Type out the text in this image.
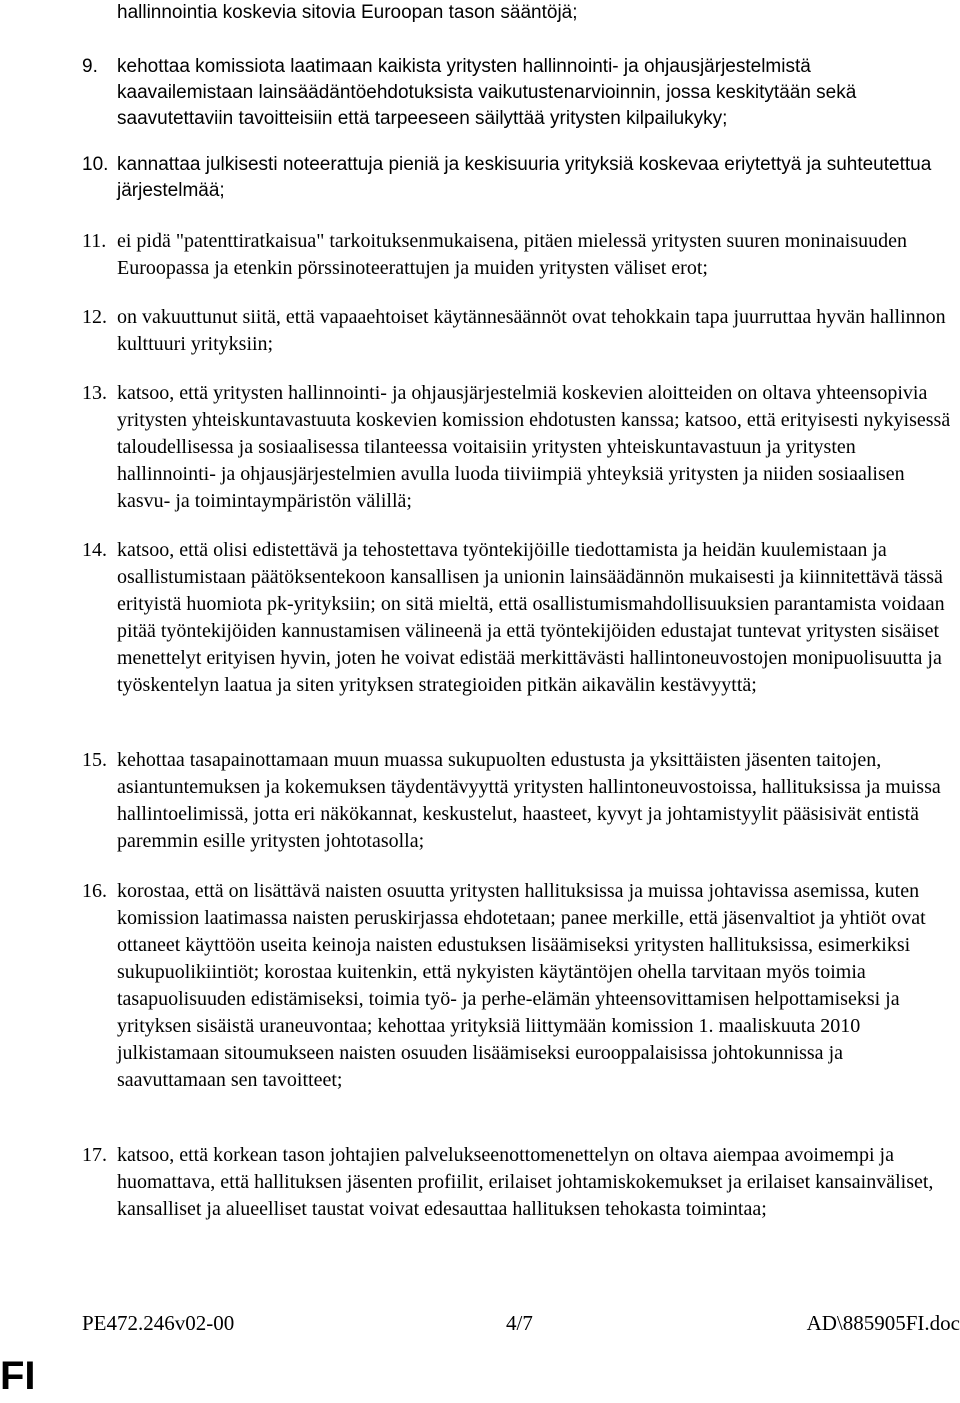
hallinnointia koskevia sitovia Euroopan tason sääntöjä;
9.	kehottaa komissiota laatimaan kaikista yritysten hallinnointi- ja ohjausjärjestelmistä kaavailemistaan lainsäädäntöehdotuksista vaikutustenarvioinnin, jossa keskitytään sekä saavutettaviin tavoitteisiin että tarpeeseen säilyttää yritysten kilpailukyky;
10. kannattaa julkisesti noteerattuja pieniä ja keskisuuria yrityksiä koskevaa eriytettyä ja suhteutettua järjestelmää;
11. ei pidä "patenttiratkaisua" tarkoituksenmukaisena, pitäen mielessä yritysten suuren moninaisuuden Euroopassa ja etenkin pörssinoteerattujen ja muiden yritysten väliset erot;
12. on vakuuttunut siitä, että vapaaehtoiset käytännesäännöt ovat tehokkain tapa juurruttaa hyvän hallinnon kulttuuri yrityksiin;
13. katsoo, että yritysten hallinnointi- ja ohjausjärjestelmiä koskevien aloitteiden on oltava yhteensopivia yritysten yhteiskuntavastuuta koskevien komission ehdotusten kanssa; katsoo, että erityisesti nykyisessä taloudellisessa ja sosiaalisessa tilanteessa voitaisiin yritysten yhteiskuntavastuun ja yritysten hallinnointi- ja ohjausjärjestelmien avulla luoda tiiviimpiä yhteyksiä yritysten ja niiden sosiaalisen kasvu- ja toimintaympäristön välillä;
14. katsoo, että olisi edistettävä ja tehostettava työntekijöille tiedottamista ja heidän kuulemistaan ja osallistumistaan päätöksentekoon kansallisen ja unionin lainsäädännön mukaisesti ja kiinnitettävä tässä erityistä huomiota pk-yrityksiin; on sitä mieltä, että osallistumismahdollisuuksien parantamista voidaan pitää työntekijöiden kannustamisen välineenä ja että työntekijöiden edustajat tuntevat yritysten sisäiset menettelyt erityisen hyvin, joten he voivat edistää merkittävästi hallintoneuvostojen monipuolisuutta ja työskentelyn laatua ja siten yrityksen strategioiden pitkän aikavälin kestävyyttä;
15. kehottaa tasapainottamaan muun muassa sukupuolten edustusta ja yksittäisten jäsenten taitojen, asiantuntemuksen ja kokemuksen täydentävyyttä yritysten hallintoneuvostoissa, hallituksissa ja muissa hallintoelimissä, jotta eri näkökannat, keskustelut, haasteet, kyvyt ja johtamistyylit pääsisivät entistä paremmin esille yritysten johtotasolla;
16. korostaa, että on lisättävä naisten osuutta yritysten hallituksissa ja muissa johtavissa asemissa, kuten komission laatimassa naisten peruskirjassa ehdotetaan; panee merkille, että jäsenvaltiot ja yhtiöt ovat ottaneet käyttöön useita keinoja naisten edustuksen lisäämiseksi yritysten hallituksissa, esimerkiksi sukupuolikiintiöt; korostaa kuitenkin, että nykyisten käytäntöjen ohella tarvitaan myös toimia tasapuolisuuden edistämiseksi, toimia työ- ja perhe-elämän yhteensovittamisen helpottamiseksi ja yrityksen sisäistä uraneuvontaa; kehottaa yrityksiä liittymään komission 1. maaliskuuta 2010 julkistamaan sitoumukseen naisten osuuden lisäämiseksi eurooppalaisissa johtokunnissa ja saavuttamaan sen tavoitteet;
17. katsoo, että korkean tason johtajien palvelukseenottomenettelyn on oltava aiempaa avoimempi ja huomattava, että hallituksen jäsenten profiilit, erilaiset johtamiskokemukset ja erilaiset kansainväliset, kansalliset ja alueelliset taustat voivat edesauttaa hallituksen tehokasta toimintaa;
PE472.246v02-00	4/7	AD\885905FI.doc
FI
